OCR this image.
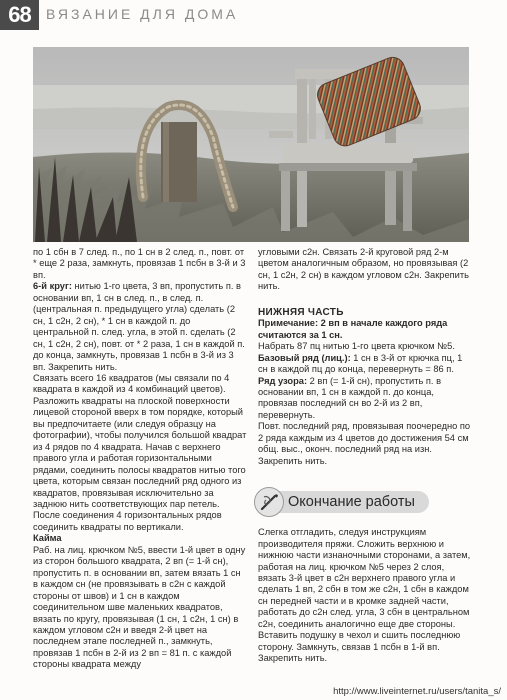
68	ВЯЗАНИЕ ДЛЯ ДОМА

по 1 сбн в 7 след. п., по 1 сн в 2 след. п., повт. от * еще 2 раза, замкнуть, провязав 1 псбн в 3-й и 3 вп.

6-й круг: нитью 1-го цвета, 3 вп, пропустить п. в основании вп, 1 сн в след. п., в след. п. (центральная п. предыдущего угла) сделать (2 сн, 1 с2н, 2 сн), * 1 сн в каждой п. до центральной п. след. угла, в этой п. сделать (2 сн, 1 с2н, 2 сн), повт. от * 2 раза, 1 сн в каждой п. до конца, замкнуть, провязав 1 псбн в 3-й из 3 вп. Закрепить нить.

Связать всего 16 квадратов (мы связали по 4 квадрата в каждой из 4 комбинаций цветов). Разложить квадраты на плоской поверхности лицевой стороной вверх в том порядке, который вы предпочитаете (или следуя образцу на фотографии), чтобы получился большой квадрат из 4 рядов по 4 квадрата. Начав с верхнего правого угла и работая горизонтальными рядами, соединить полосы квадратов нитью того цвета, которым связан последний ряд одного из квадратов, провязывая исключительно за заднюю нить соответствующих пар петель. После соединения 4 горизонтальных рядов соединить квадраты по вертикали.

Кайма

Раб. на лиц. крючком №5, ввести 1-й цвет в одну из сторон большого квадрата, 2 вп (= 1-й сн), пропустить п. в основании вп, затем вязать 1 сн в каждом сн (не провязывать в с2н с каждой стороны от швов) и 1 сн в каждом соединительном шве маленьких квадратов, вязать по кругу, провязывая (1 сн, 1 с2н, 1 сн) в каждом угловом с2н и введя 2-й цвет на последнем этапе последней п., замкнуть, провязав 1 псбн в 2-й из 2 вп = 81 п. с каждой стороны квадрата между

угловыми с2н. Связать 2-й круговой ряд 2-м цветом аналогичным образом, но провязывая (2 сн, 1 с2н, 2 сн) в каждом угловом с2н. Закрепить нить.

НИЖНЯЯ ЧАСТЬ

Примечание: 2 вп в начале каждого ряда считаются за 1 сн.

Набрать 87 пц нитью 1-го цвета крючком №5.

Базовый ряд (лиц.): 1 сн в 3-й от крючка пц, 1 сн в каждой пц до конца, перевернуть = 86 п.

Ряд узора: 2 вп (= 1-й сн), пропустить п. в основании вп, 1 сн в каждой п. до конца, провязав последний сн во 2-й из 2 вп, перевернуть.

Повт. последний ряд, провязывая поочередно по 2 ряда каждым из 4 цветов до достижения 54 см общ. выс., оконч. последний ряд на изн. Закрепить нить.

Окончание работы

Слегка отгладить, следуя инструкциям производителя пряжи. Сложить верхнюю и нижнюю части изнаночными сторонами, а затем, работая на лиц. крючком №5 через 2 слоя, вязать 3-й цвет в с2н верхнего правого угла и сделать 1 вп, 2 сбн в том же с2н, 1 сбн в каждом сн передней части и в кромке задней части, работать до с2н след. угла, 3 сбн в центральном с2н, соединить аналогично еще две стороны. Вставить подушку в чехол и сшить последнюю сторону. Замкнуть, связав 1 псбн в 1-й вп. Закрепить нить.

http://www.liveinternet.ru/users/tanita_s/
